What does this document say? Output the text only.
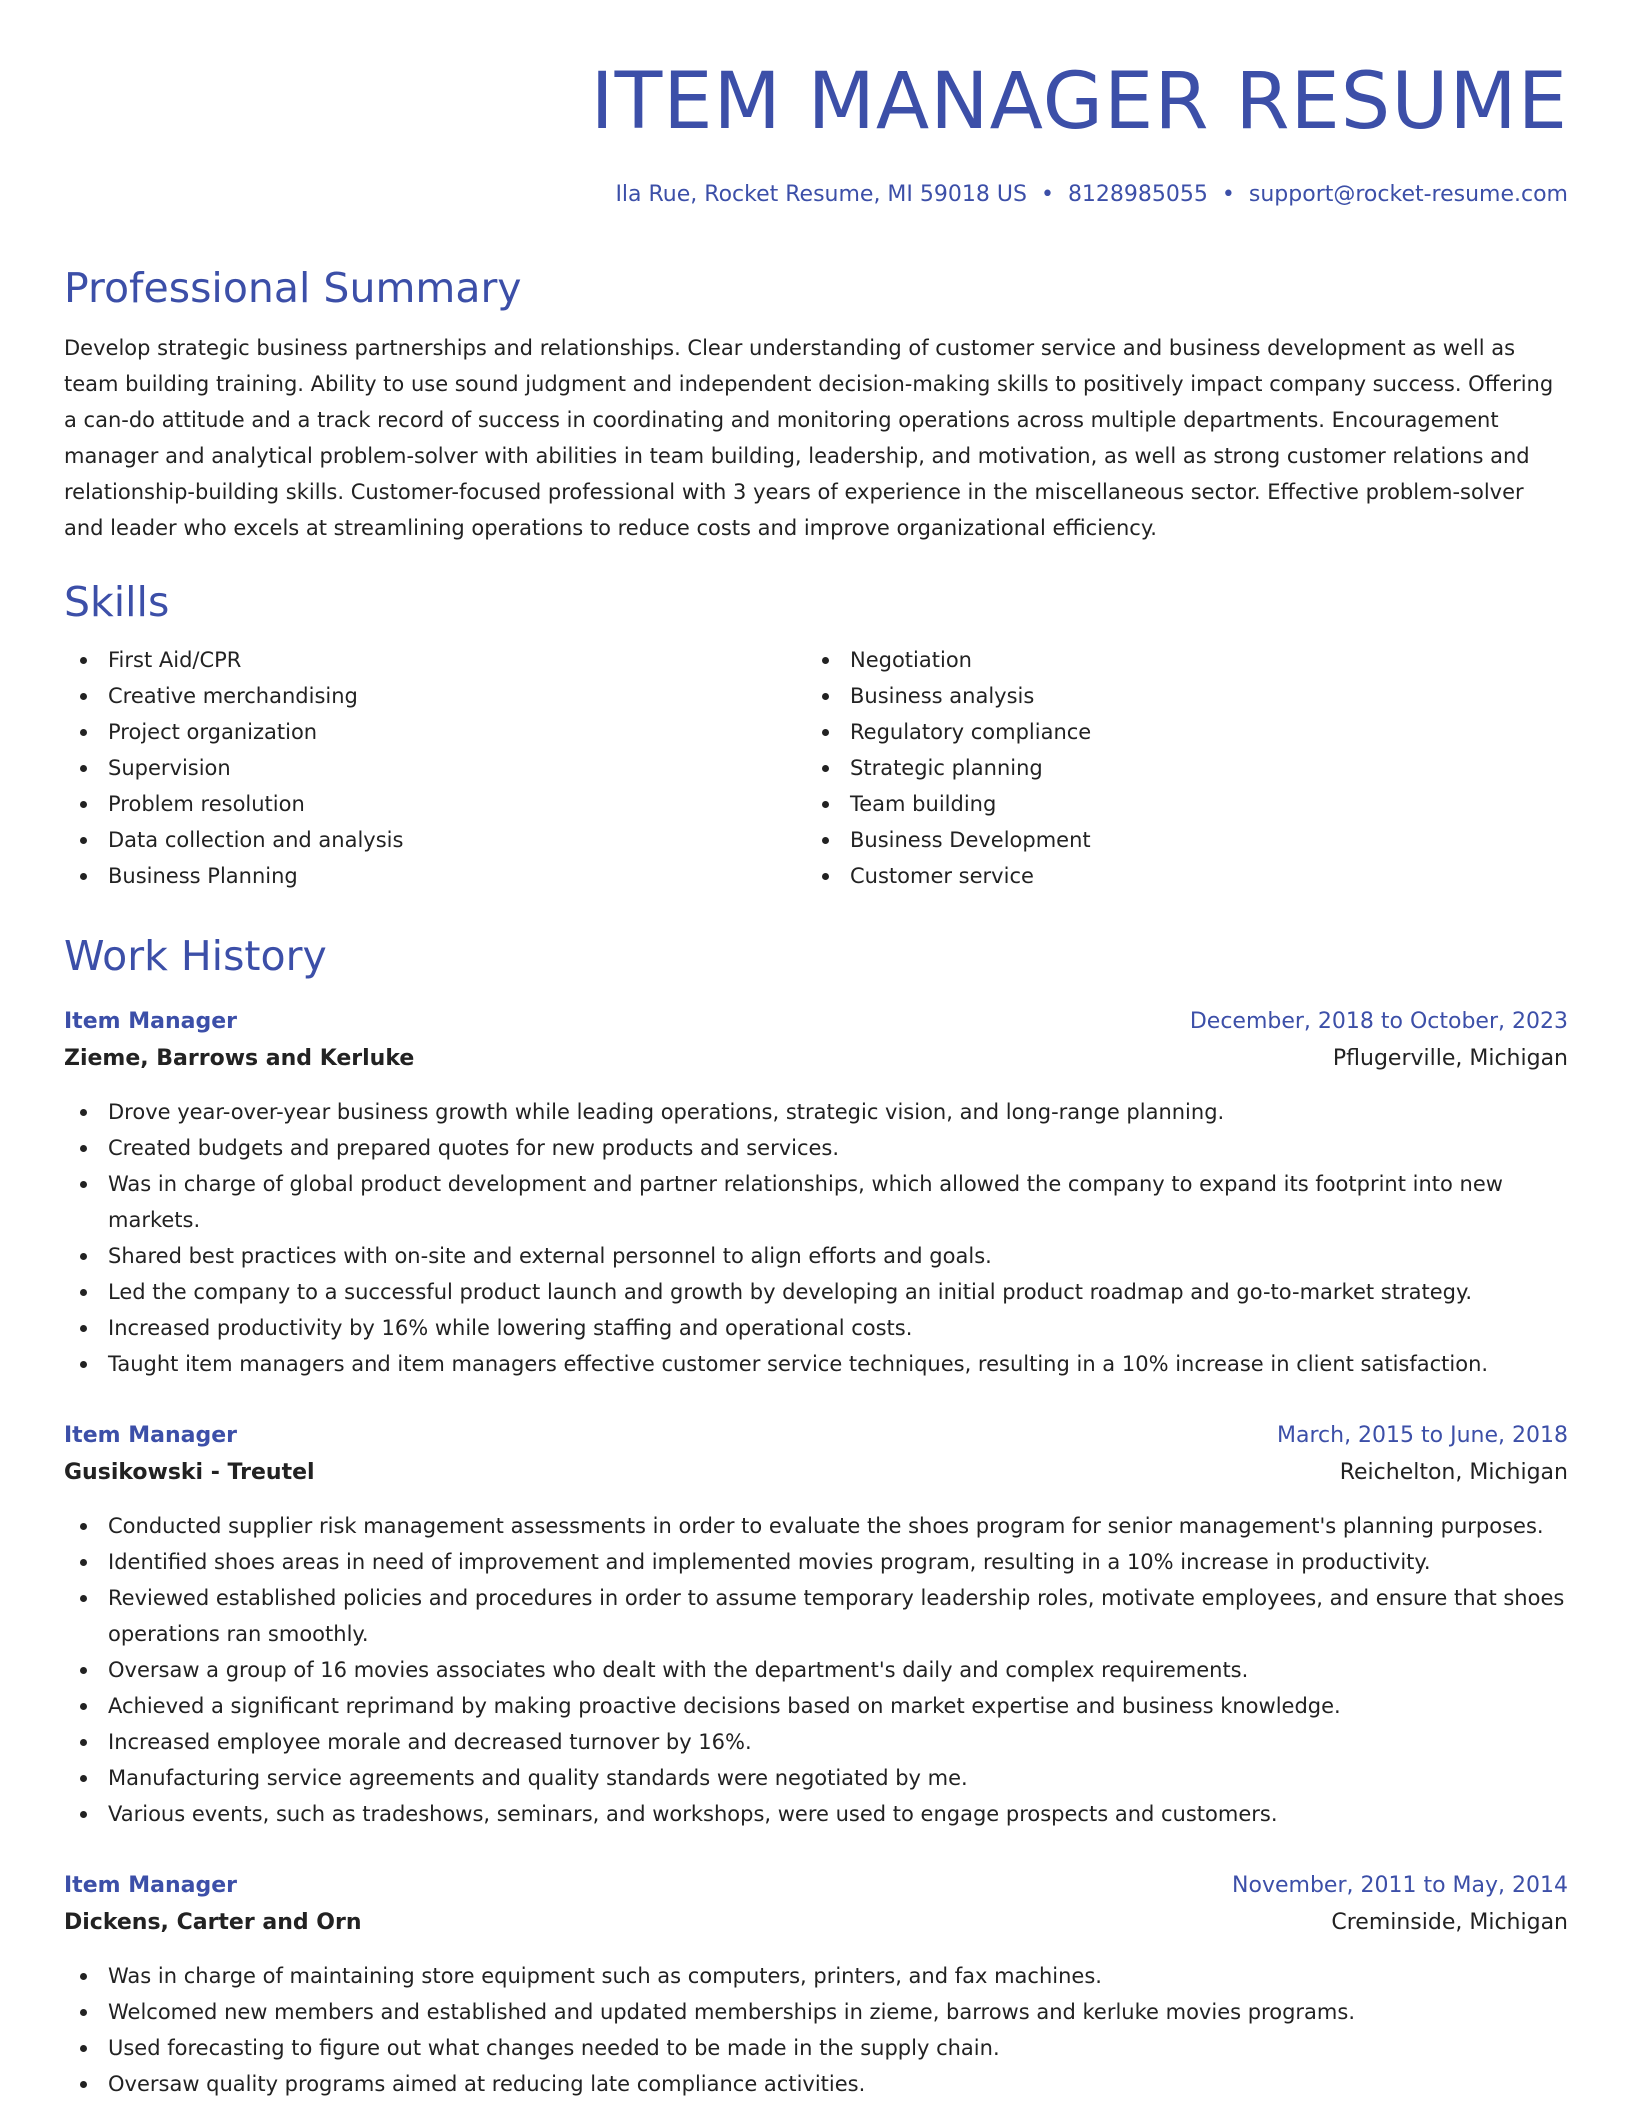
ITEM MANAGER RESUME
Ila Rue, Rocket Resume, MI 59018 US • 8128985055 • support@rocket-resume.com
Professional Summary

Develop strategic business partnerships and relationships. Clear understanding of customer service and business development as well as team building training. Ability to use sound judgment and independent decision-making skills to positively impact company success. Offering a can-do attitude and a track record of success in coordinating and monitoring operations across multiple departments. Encouragement manager and analytical problem-solver with abilities in team building, leadership, and motivation, as well as strong customer relations and relationship-building skills. Customer-focused professional with 3 years of experience in the miscellaneous sector. Effective problem-solver and leader who excels at streamlining operations to reduce costs and improve organizational efficiency.

Skills
First Aid/CPR
Creative merchandising
Project organization
Supervision
Problem resolution
Data collection and analysis
Business Planning
Negotiation
Business analysis
Regulatory compliance
Strategic planning
Team building
Business Development
Customer service
Work History
Item Manager	December, 2018 to October, 2023
Zieme, Barrows and Kerluke	Pflugerville, Michigan
Drove year-over-year business growth while leading operations, strategic vision, and long-range planning.
Created budgets and prepared quotes for new products and services.
Was in charge of global product development and partner relationships, which allowed the company to expand its footprint into new markets.
Shared best practices with on-site and external personnel to align efforts and goals.
Led the company to a successful product launch and growth by developing an initial product roadmap and go-to-market strategy.
Increased productivity by 16% while lowering staffing and operational costs.
Taught item managers and item managers effective customer service techniques, resulting in a 10% increase in client satisfaction.
Item Manager	March, 2015 to June, 2018
Gusikowski - Treutel	Reichelton, Michigan
Conducted supplier risk management assessments in order to evaluate the shoes program for senior management's planning purposes.
Identified shoes areas in need of improvement and implemented movies program, resulting in a 10% increase in productivity.
Reviewed established policies and procedures in order to assume temporary leadership roles, motivate employees, and ensure that shoes operations ran smoothly.
Oversaw a group of 16 movies associates who dealt with the department's daily and complex requirements.
Achieved a significant reprimand by making proactive decisions based on market expertise and business knowledge.
Increased employee morale and decreased turnover by 16%.
Manufacturing service agreements and quality standards were negotiated by me.
Various events, such as tradeshows, seminars, and workshops, were used to engage prospects and customers.
Item Manager	November, 2011 to May, 2014
Dickens, Carter and Orn	Creminside, Michigan
Was in charge of maintaining store equipment such as computers, printers, and fax machines.
Welcomed new members and established and updated memberships in zieme, barrows and kerluke movies programs.
Used forecasting to figure out what changes needed to be made in the supply chain.
Oversaw quality programs aimed at reducing late compliance activities.
